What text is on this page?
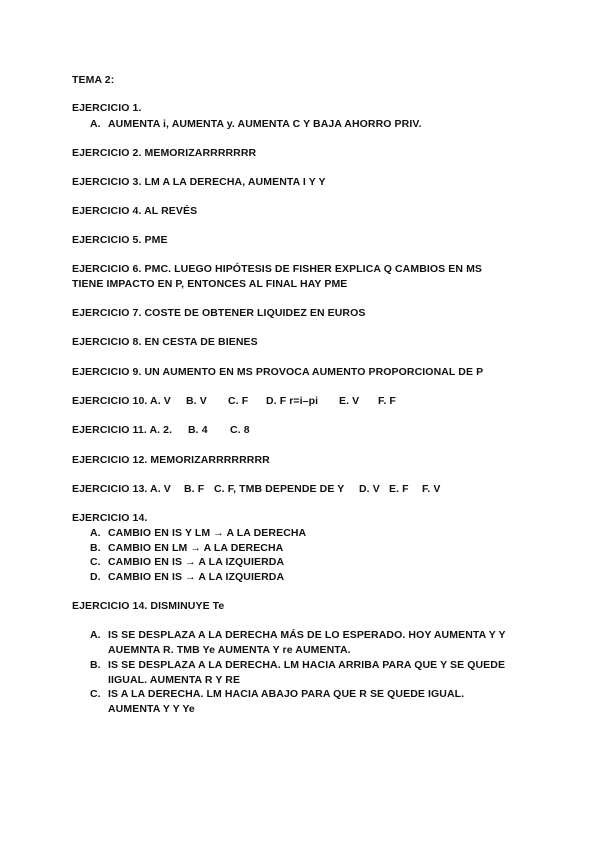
TEMA 2:
EJERCICIO 1.
A. AUMENTA i, AUMENTA y. AUMENTA C Y BAJA AHORRO PRIV.
EJERCICIO 2. MEMORIZARRRRRRR
EJERCICIO 3. LM A LA DERECHA, AUMENTA I Y Y
EJERCICIO 4. AL REVÉS
EJERCICIO 5. PME
EJERCICIO 6. PMC. LUEGO HIPÓTESIS DE FISHER EXPLICA Q CAMBIOS EN MS
TIENE IMPACTO EN P, ENTONCES AL FINAL HAY PME
EJERCICIO 7. COSTE DE OBTENER LIQUIDEZ EN EUROS
EJERCICIO 8. EN CESTA DE BIENES
EJERCICIO 9. UN AUMENTO EN MS PROVOCA AUMENTO PROPORCIONAL DE P
EJERCICIO 10. A. V B. V C. F D. F r=i–pi E. V F. F
EJERCICIO 11. A. 2. B. 4 C. 8
EJERCICIO 12. MEMORIZARRRRRRRR
EJERCICIO 13. A. V B. F C. F, TMB DEPENDE DE Y D. V E. F F. V
EJERCICIO 14.
A. CAMBIO EN IS Y LM → A LA DERECHA
B. CAMBIO EN LM → A LA DERECHA
C. CAMBIO EN IS → A LA IZQUIERDA
D. CAMBIO EN IS → A LA IZQUIERDA
EJERCICIO 14. DISMINUYE Te
A. IS SE DESPLAZA A LA DERECHA MÁS DE LO ESPERADO. HOY AUMENTA Y Y
AUEMNTA R. TMB Ye AUMENTA Y re AUMENTA.
B. IS SE DESPLAZA A LA DERECHA. LM HACIA ARRIBA PARA QUE Y SE QUEDE
IIGUAL. AUMENTA R Y RE
C. IS A LA DERECHA. LM HACIA ABAJO PARA QUE R SE QUEDE IGUAL.
AUMENTA Y Y Ye
